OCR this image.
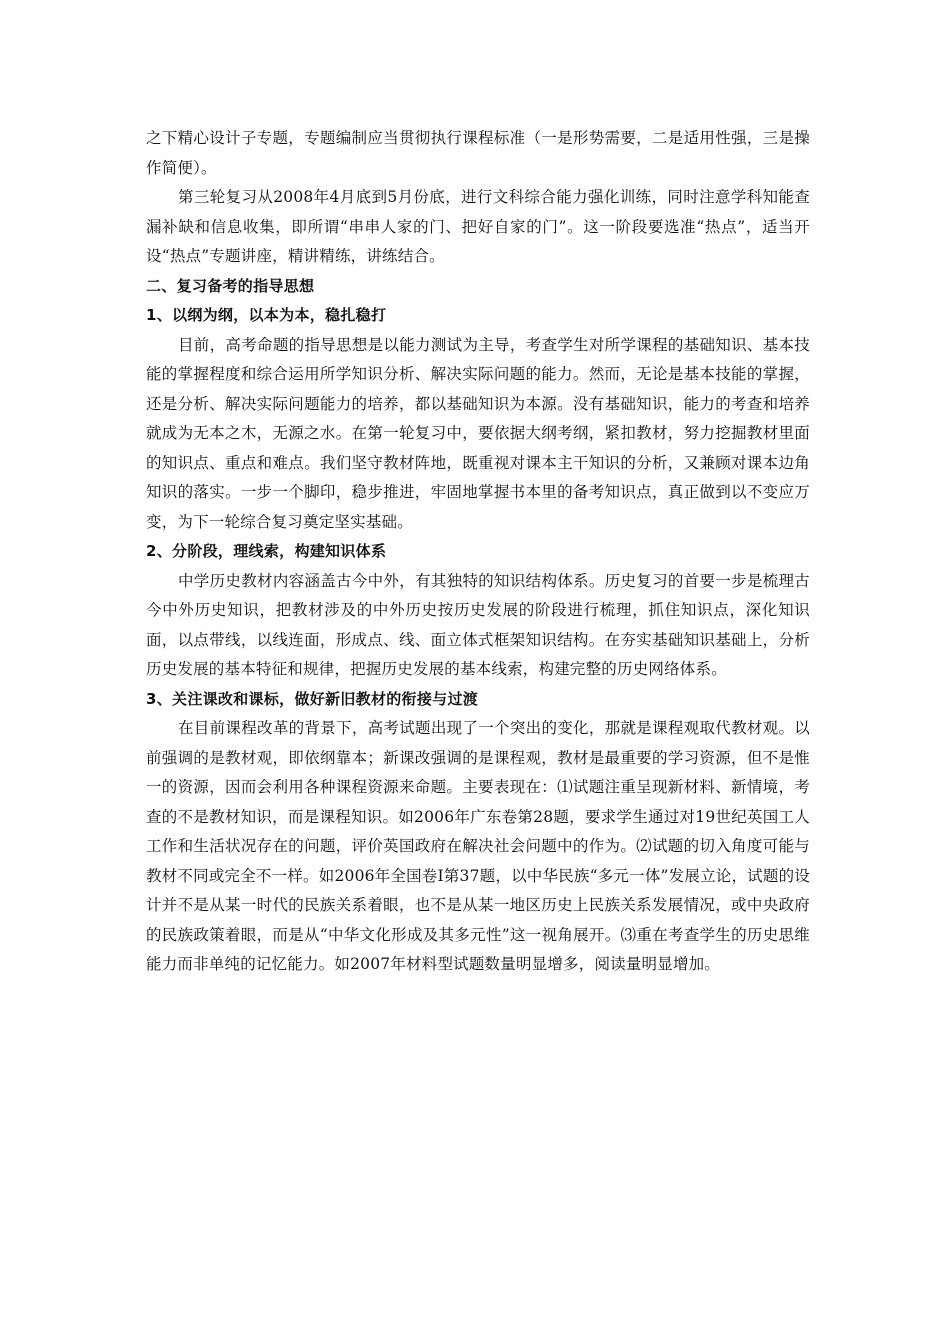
之下精心设计子专题，专题编制应当贯彻执行课程标准（一是形势需要，二是适用性强，三是操作简便）。

第三轮复习从2008年4月底到5月份底，进行文科综合能力强化训练，同时注意学科知能查漏补缺和信息收集，即所谓“串串人家的门、把好自家的门”。这一阶段要选准“热点”，适当开设“热点”专题讲座，精讲精练，讲练结合。

二、复习备考的指导思想

1、以纲为纲，以本为本，稳扎稳打

目前，高考命题的指导思想是以能力测试为主导，考查学生对所学课程的基础知识、基本技能的掌握程度和综合运用所学知识分析、解决实际问题的能力。然而，无论是基本技能的掌握，还是分析、解决实际问题能力的培养，都以基础知识为本源。没有基础知识，能力的考查和培养就成为无本之木，无源之水。在第一轮复习中，要依据大纲考纲，紧扣教材，努力挖掘教材里面的知识点、重点和难点。我们坚守教材阵地，既重视对课本主干知识的分析，又兼顾对课本边角知识的落实。一步一个脚印，稳步推进，牢固地掌握书本里的备考知识点，真正做到以不变应万变，为下一轮综合复习奠定坚实基础。

2、分阶段，理线索，构建知识体系

中学历史教材内容涵盖古今中外，有其独特的知识结构体系。历史复习的首要一步是梳理古今中外历史知识，把教材涉及的中外历史按历史发展的阶段进行梳理，抓住知识点，深化知识面，以点带线，以线连面，形成点、线、面立体式框架知识结构。在夯实基础知识基础上，分析历史发展的基本特征和规律，把握历史发展的基本线索，构建完整的历史网络体系。

3、关注课改和课标，做好新旧教材的衔接与过渡

在目前课程改革的背景下，高考试题出现了一个突出的变化，那就是课程观取代教材观。以前强调的是教材观，即依纲靠本；新课改强调的是课程观，教材是最重要的学习资源，但不是惟一的资源，因而会利用各种课程资源来命题。主要表现在：⑴试题注重呈现新材料、新情境，考查的不是教材知识，而是课程知识。如2006年广东卷第28题，要求学生通过对19世纪英国工人工作和生活状况存在的问题，评价英国政府在解决社会问题中的作为。⑵试题的切入角度可能与教材不同或完全不一样。如2006年全国卷Ⅰ第37题，以中华民族“多元一体”发展立论，试题的设计并不是从某一时代的民族关系着眼，也不是从某一地区历史上民族关系发展情况，或中央政府的民族政策着眼，而是从“中华文化形成及其多元性”这一视角展开。⑶重在考查学生的历史思维能力而非单纯的记忆能力。如2007年材料型试题数量明显增多，阅读量明显增加。
